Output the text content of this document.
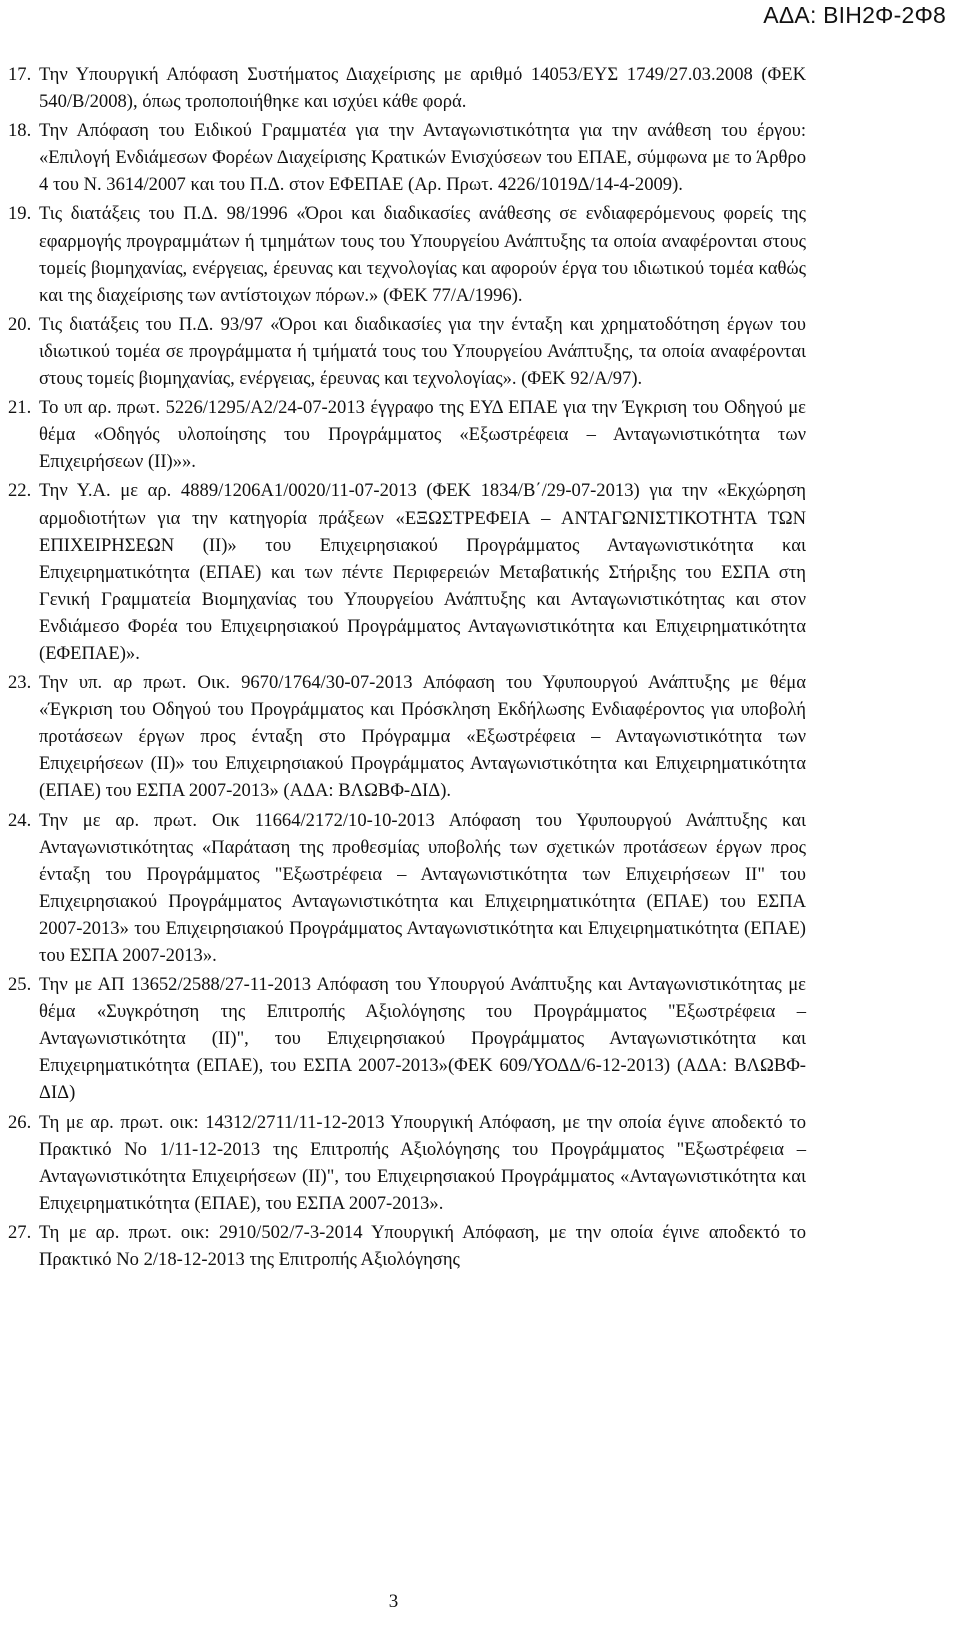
ΑΔΑ: ΒΙΗ2Φ-2Φ8
17. Την Υπουργική Απόφαση Συστήματος Διαχείρισης με αριθμό 14053/ΕΥΣ 1749/27.03.2008 (ΦΕΚ 540/Β/2008), όπως τροποποιήθηκε και ισχύει κάθε φορά.
18. Την Απόφαση του Ειδικού Γραμματέα για την Ανταγωνιστικότητα για την ανάθεση του έργου: «Επιλογή Ενδιάμεσων Φορέων Διαχείρισης Κρατικών Ενισχύσεων του ΕΠΑΕ, σύμφωνα με το Άρθρο 4 του Ν. 3614/2007 και του Π.Δ. στον ΕΦΕΠΑΕ (Αρ. Πρωτ. 4226/1019Δ/14-4-2009).
19. Τις διατάξεις του Π.Δ. 98/1996 «Όροι και διαδικασίες ανάθεσης σε ενδιαφερόμενους φορείς της εφαρμογής προγραμμάτων ή τμημάτων τους του Υπουργείου Ανάπτυξης τα οποία αναφέρονται στους τομείς βιομηχανίας, ενέργειας, έρευνας και τεχνολογίας και αφορούν έργα του ιδιωτικού τομέα καθώς και της διαχείρισης των αντίστοιχων πόρων.» (ΦΕΚ 77/Α/1996).
20. Τις διατάξεις του Π.Δ. 93/97 «Όροι και διαδικασίες για την ένταξη και χρηματοδότηση έργων του ιδιωτικού τομέα σε προγράμματα ή τμήματά τους του Υπουργείου Ανάπτυξης, τα οποία αναφέρονται στους τομείς βιομηχανίας, ενέργειας, έρευνας και τεχνολογίας». (ΦΕΚ 92/Α/97).
21. Το υπ αρ. πρωτ. 5226/1295/Α2/24-07-2013 έγγραφο της ΕΥΔ ΕΠΑΕ για την Έγκριση του Οδηγού με θέμα «Οδηγός υλοποίησης του Προγράμματος «Εξωστρέφεια – Ανταγωνιστικότητα των Επιχειρήσεων (ΙΙ)»».
22. Την Υ.Α. με αρ. 4889/1206Α1/0020/11-07-2013 (ΦΕΚ 1834/Β΄/29-07-2013) για την «Εκχώρηση αρμοδιοτήτων για την κατηγορία πράξεων «ΕΞΩΣΤΡΕΦΕΙΑ – ΑΝΤΑΓΩΝΙΣΤΙΚΟΤΗΤΑ ΤΩΝ ΕΠΙΧΕΙΡΗΣΕΩΝ (ΙΙ)» του Επιχειρησιακού Προγράμματος Ανταγωνιστικότητα και Επιχειρηματικότητα (ΕΠΑΕ) και των πέντε Περιφερειών Μεταβατικής Στήριξης του ΕΣΠΑ στη Γενική Γραμματεία Βιομηχανίας του Υπουργείου Ανάπτυξης και Ανταγωνιστικότητας και στον Ενδιάμεσο Φορέα του Επιχειρησιακού Προγράμματος Ανταγωνιστικότητα και Επιχειρηματικότητα (ΕΦΕΠΑΕ)».
23. Την υπ. αρ πρωτ. Οικ. 9670/1764/30-07-2013 Απόφαση του Υφυπουργού Ανάπτυξης με θέμα «Έγκριση του Οδηγού του Προγράμματος και Πρόσκληση Εκδήλωσης Ενδιαφέροντος για υποβολή προτάσεων έργων προς ένταξη στο Πρόγραμμα «Εξωστρέφεια – Ανταγωνιστικότητα των Επιχειρήσεων (ΙΙ)» του Επιχειρησιακού Προγράμματος Ανταγωνιστικότητα και Επιχειρηματικότητα (ΕΠΑΕ) του ΕΣΠΑ 2007-2013» (ΑΔΑ: ΒΛΩΒΦ-ΔΙΔ).
24. Την με αρ. πρωτ. Οικ 11664/2172/10-10-2013 Απόφαση του Υφυπουργού Ανάπτυξης και Ανταγωνιστικότητας «Παράταση της προθεσμίας υποβολής των σχετικών προτάσεων έργων προς ένταξη του Προγράμματος "Εξωστρέφεια – Ανταγωνιστικότητα των Επιχειρήσεων ΙΙ" του Επιχειρησιακού Προγράμματος Ανταγωνιστικότητα και Επιχειρηματικότητα (ΕΠΑΕ) του ΕΣΠΑ 2007-2013» του Επιχειρησιακού Προγράμματος Ανταγωνιστικότητα και Επιχειρηματικότητα (ΕΠΑΕ) του ΕΣΠΑ 2007-2013».
25. Την με ΑΠ 13652/2588/27-11-2013 Απόφαση του Υπουργού Ανάπτυξης και Ανταγωνιστικότητας με θέμα «Συγκρότηση της Επιτροπής Αξιολόγησης του Προγράμματος "Εξωστρέφεια – Ανταγωνιστικότητα (ΙΙ)", του Επιχειρησιακού Προγράμματος Ανταγωνιστικότητα και Επιχειρηματικότητα (ΕΠΑΕ), του ΕΣΠΑ 2007-2013»(ΦΕΚ 609/ΥΟΔΔ/6-12-2013) (ΑΔΑ: ΒΛΩΒΦ-ΔΙΔ)
26. Τη με αρ. πρωτ. οικ: 14312/2711/11-12-2013 Υπουργική Απόφαση, με την οποία έγινε αποδεκτό το Πρακτικό Νο 1/11-12-2013 της Επιτροπής Αξιολόγησης του Προγράμματος "Εξωστρέφεια – Ανταγωνιστικότητα Επιχειρήσεων (ΙΙ)", του Επιχειρησιακού Προγράμματος «Ανταγωνιστικότητα και Επιχειρηματικότητα (ΕΠΑΕ), του ΕΣΠΑ 2007-2013».
27. Τη με αρ. πρωτ. οικ: 2910/502/7-3-2014 Υπουργική Απόφαση, με την οποία έγινε αποδεκτό το Πρακτικό Νο 2/18-12-2013 της Επιτροπής Αξιολόγησης
3
